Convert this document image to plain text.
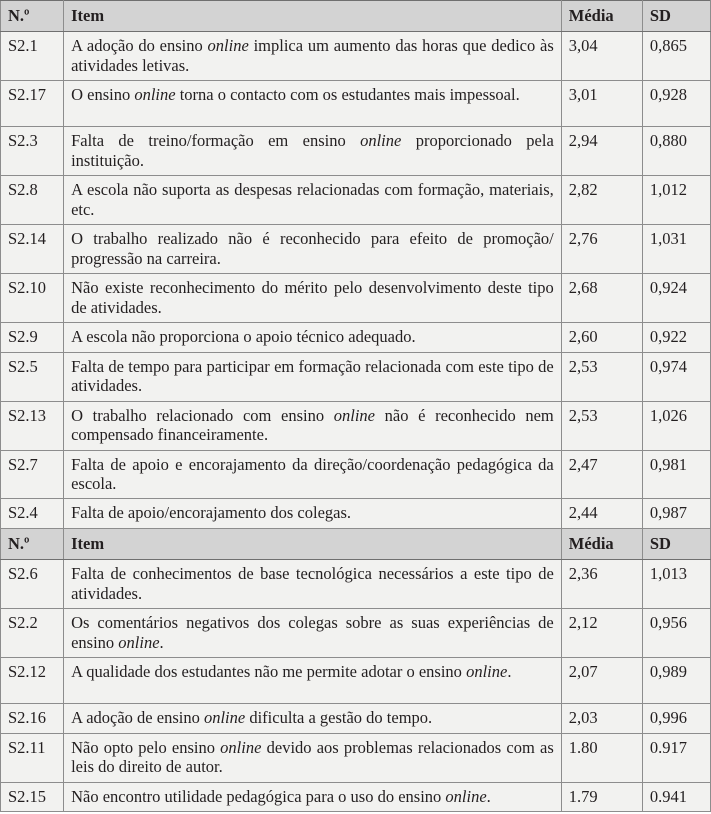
N.º	Item	Média	SD
S2.1	A adoção do ensino online implica um aumento das horas que dedico às atividades letivas.	3,04	0,865
S2.17	O ensino online torna o contacto com os estudantes mais impessoal.	3,01	0,928
S2.3	Falta de treino/formação em ensino online proporcionado pela instituição.	2,94	0,880
S2.8	A escola não suporta as despesas relacionadas com formação, materiais, etc.	2,82	1,012
S2.14	O trabalho realizado não é reconhecido para efeito de promoção/ progressão na carreira.	2,76	1,031
S2.10	Não existe reconhecimento do mérito pelo desenvolvimento deste tipo de atividades.	2,68	0,924
S2.9	A escola não proporciona o apoio técnico adequado.	2,60	0,922
S2.5	Falta de tempo para participar em formação relacionada com este tipo de atividades.	2,53	0,974
S2.13	O trabalho relacionado com ensino online não é reconhecido nem compensado financeiramente.	2,53	1,026
S2.7	Falta de apoio e encorajamento da direção/coordenação pedagógica da escola.	2,47	0,981
S2.4	Falta de apoio/encorajamento dos colegas.	2,44	0,987
N.º	Item	Média	SD
S2.6	Falta de conhecimentos de base tecnológica necessários a este tipo de atividades.	2,36	1,013
S2.2	Os comentários negativos dos colegas sobre as suas experiências de ensino online.	2,12	0,956
S2.12	A qualidade dos estudantes não me permite adotar o ensino online.	2,07	0,989
S2.16	A adoção de ensino online dificulta a gestão do tempo.	2,03	0,996
S2.11	Não opto pelo ensino online devido aos problemas relacionados com as leis do direito de autor.	1.80	0.917
S2.15	Não encontro utilidade pedagógica para o uso do ensino online.	1.79	0.941
